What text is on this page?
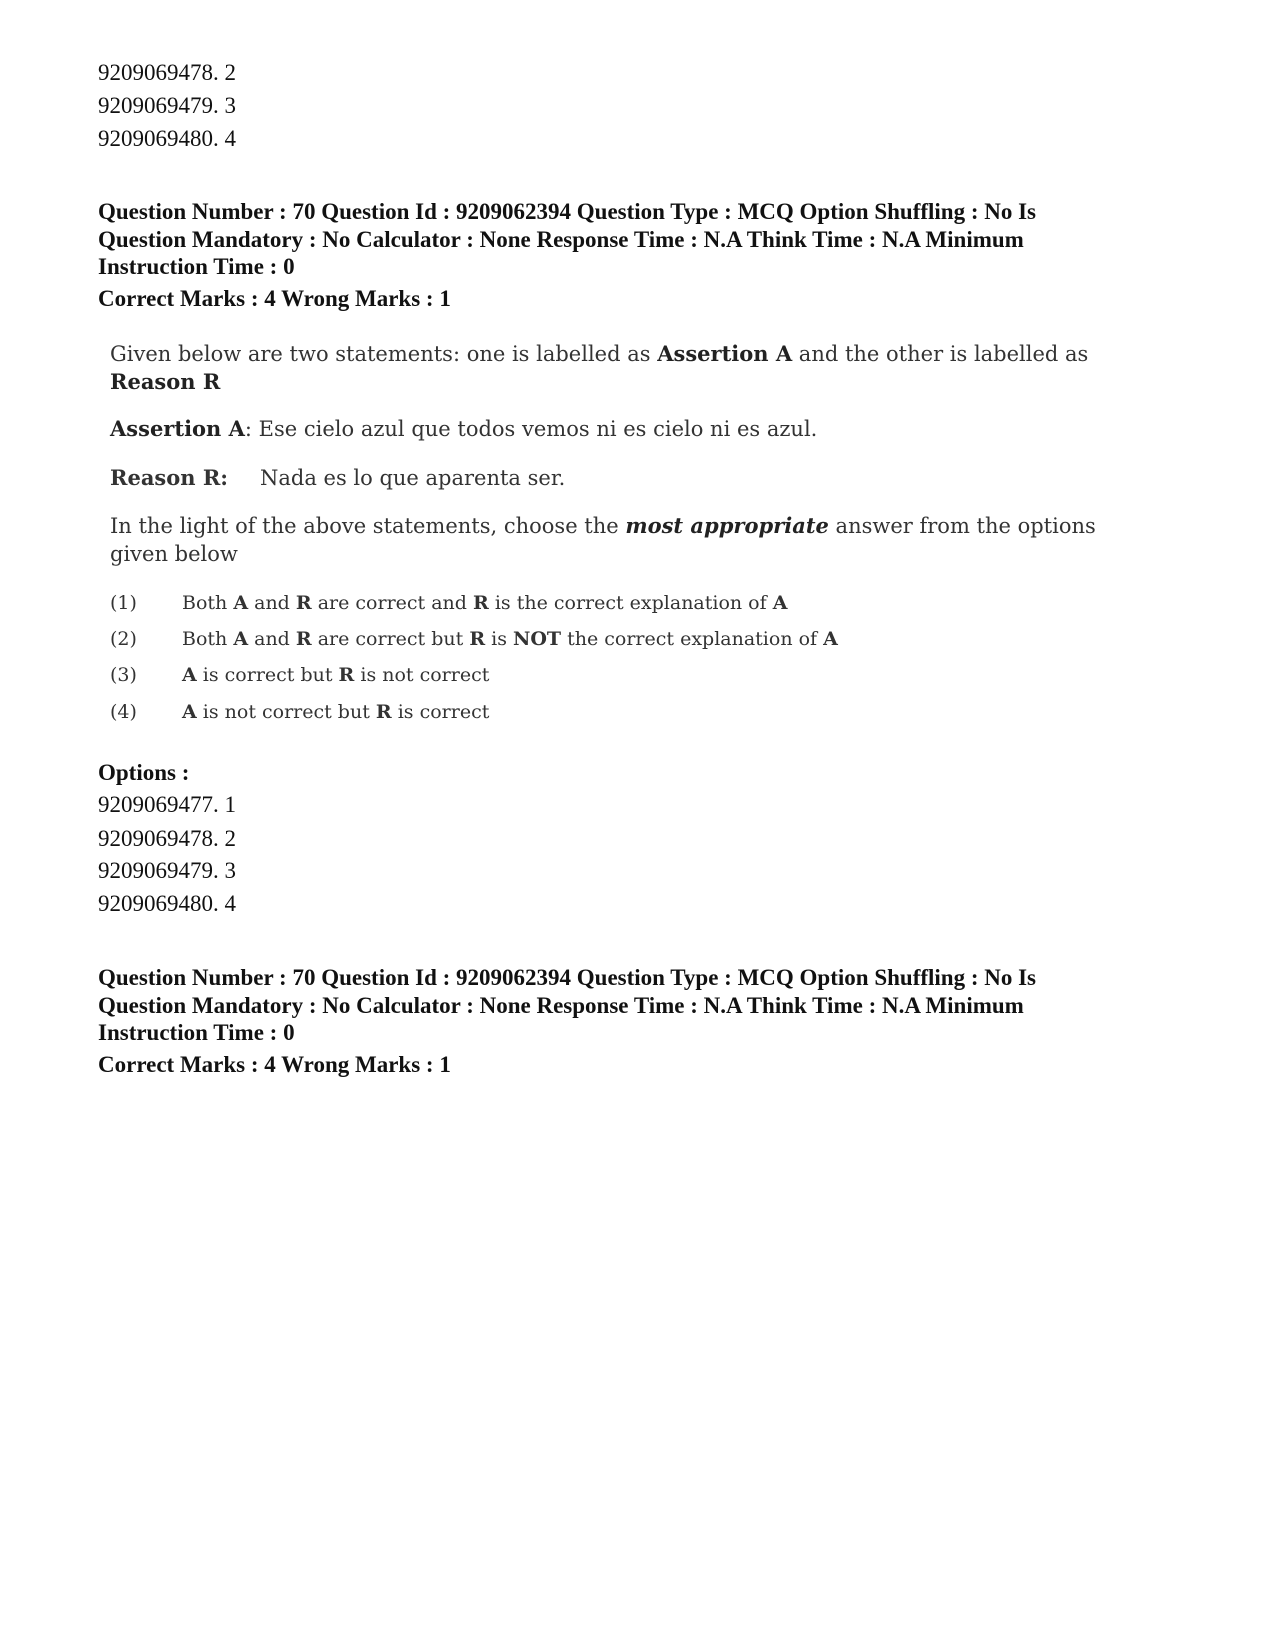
9209069478. 2

9209069479. 3

9209069480. 4

Question Number : 70 Question Id : 9209062394 Question Type : MCQ Option Shuffling : No Is

Question Mandatory : No Calculator : None Response Time : N.A Think Time : N.A Minimum

Instruction Time : 0

Correct Marks : 4 Wrong Marks : 1

Given below are two statements: one is labelled as Assertion A and the other is labelled as
Reason R

Assertion A: Ese cielo azul que todos vemos ni es cielo ni es azul.

Reason R: Nada es lo que aparenta ser.

In the light of the above statements, choose the most appropriate answer from the options
given below

(1) Both A and R are correct and R is the correct explanation of A
(2) Both A and R are correct but R is NOT the correct explanation of A
(3) A is correct but R is not correct
(4) A is not correct but R is correct

Options :

9209069477. 1

9209069478. 2

9209069479. 3

9209069480. 4

Question Number : 70 Question Id : 9209062394 Question Type : MCQ Option Shuffling : No Is

Question Mandatory : No Calculator : None Response Time : N.A Think Time : N.A Minimum

Instruction Time : 0

Correct Marks : 4 Wrong Marks : 1
